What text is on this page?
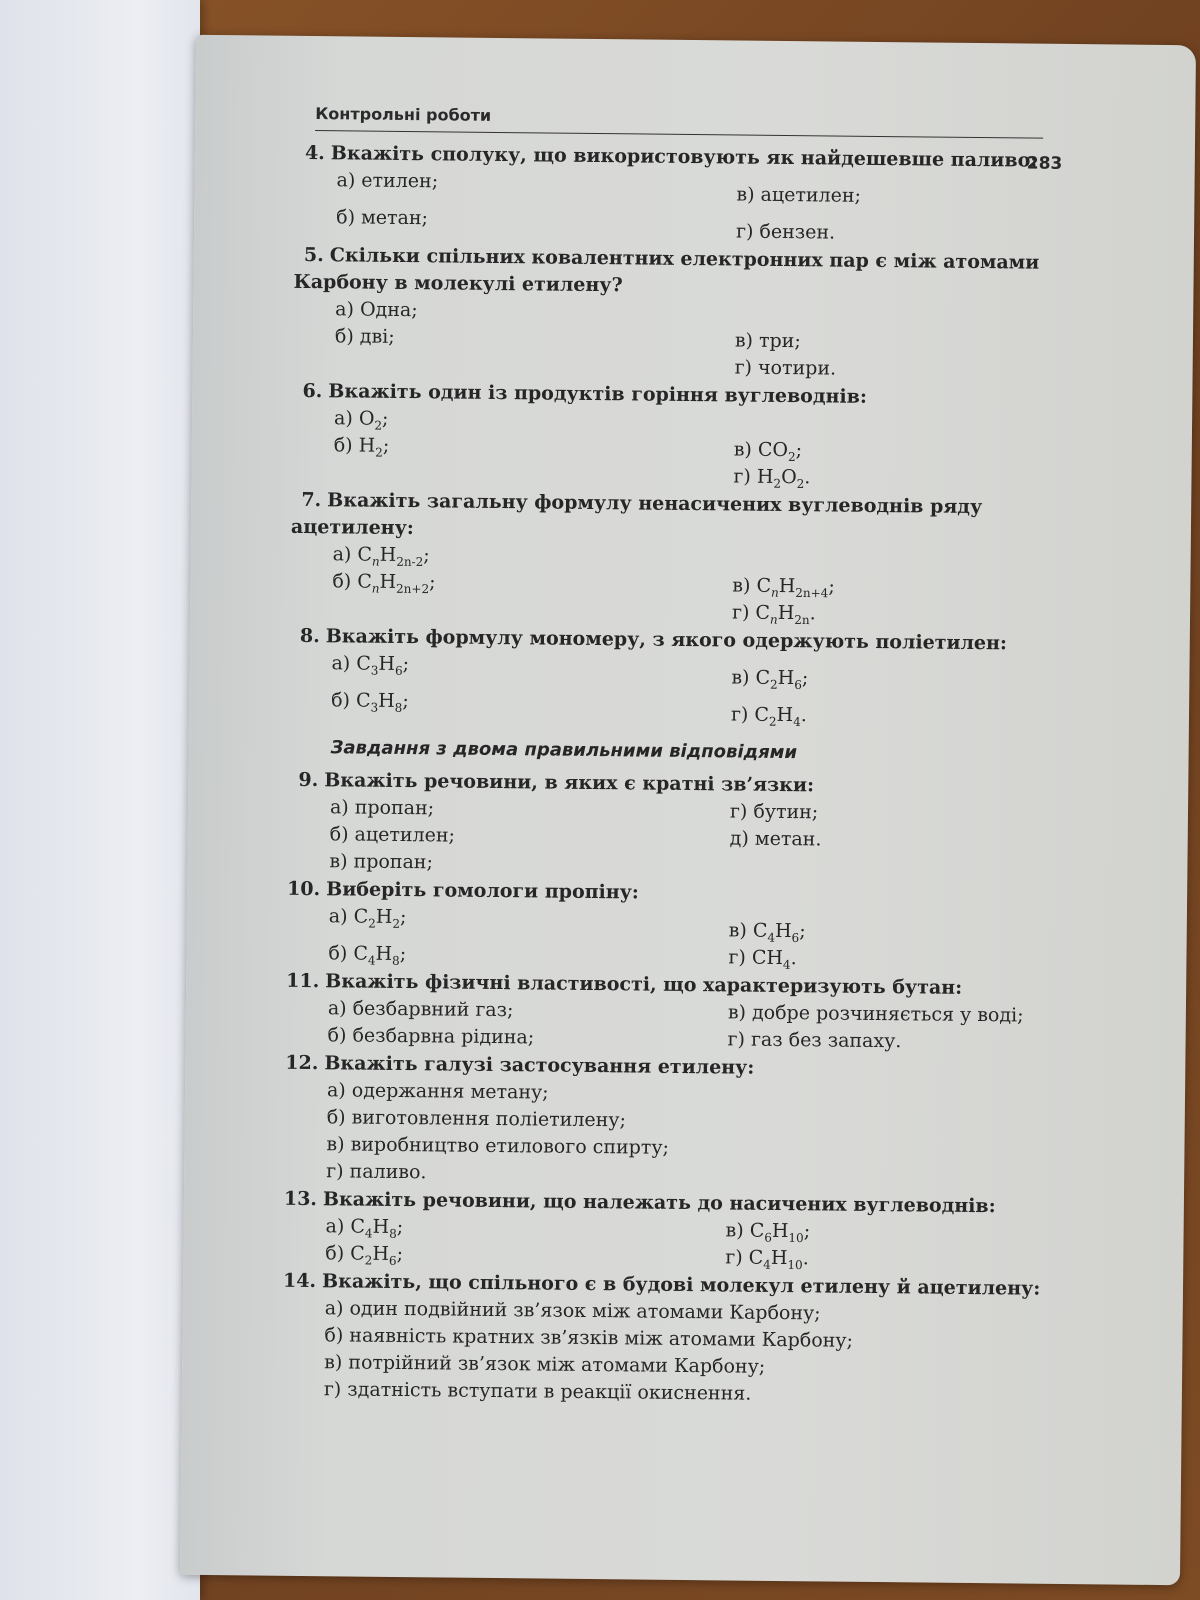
Контрольні роботи
283
4. Вкажіть сполуку, що використовують як найдешевше паливо:
а) етилен;
в) ацетилен;
б) метан;
г) бензен.
5. Скільки спільних ковалентних електронних пар є між атомами Карбону в молекулі етилену?
а) Одна;
б) дві;	в) три;
г) чотири.
6. Вкажіть один із продуктів горіння вуглеводнів:
а) $O_2$;
б) $H_2$;	в) $CO_2$;
г) $H_2O_2$.
7. Вкажіть загальну формулу ненасичених вуглеводнів ряду ацетилену:
а) $C_nH_{2n-2}$;
б) $C_nH_{2n+2}$;	в) $C_nH_{2n+4}$;
г) $C_nH_{2n}$.
8. Вкажіть формулу мономеру, з якого одержують поліетилен:
а) $C_3H_6$;
в) $C_2H_6$;
б) $C_3H_8$;
г) $C_2H_4$.
Завдання з двома правильними відповідями
9. Вкажіть речовини, в яких є кратні зв’язки:
а) пропан;	г) бутин;
б) ацетилен;	д) метан.
в) пропан;
10. Виберіть гомологи пропіну:
а) $C_2H_2$;
в) $C_4H_6$;
б) $C_4H_8$;	г) $CH_4$.
11. Вкажіть фізичні властивості, що характеризують бутан:
а) безбарвний газ;	в) добре розчиняється у воді;
б) безбарвна рідина;	г) газ без запаху.
12. Вкажіть галузі застосування етилену:
а) одержання метану;
б) виготовлення поліетилену;
в) виробництво етилового спирту;
г) паливо.
13. Вкажіть речовини, що належать до насичених вуглеводнів:
а) $C_4H_8$;	в) $C_6H_{10}$;
б) $C_2H_6$;	г) $C_4H_{10}$.
14. Вкажіть, що спільного є в будові молекул етилену й ацетилену:
а) один подвійний зв’язок між атомами Карбону;
б) наявність кратних зв’язків між атомами Карбону;
в) потрійний зв’язок між атомами Карбону;
г) здатність вступати в реакції окиснення.
